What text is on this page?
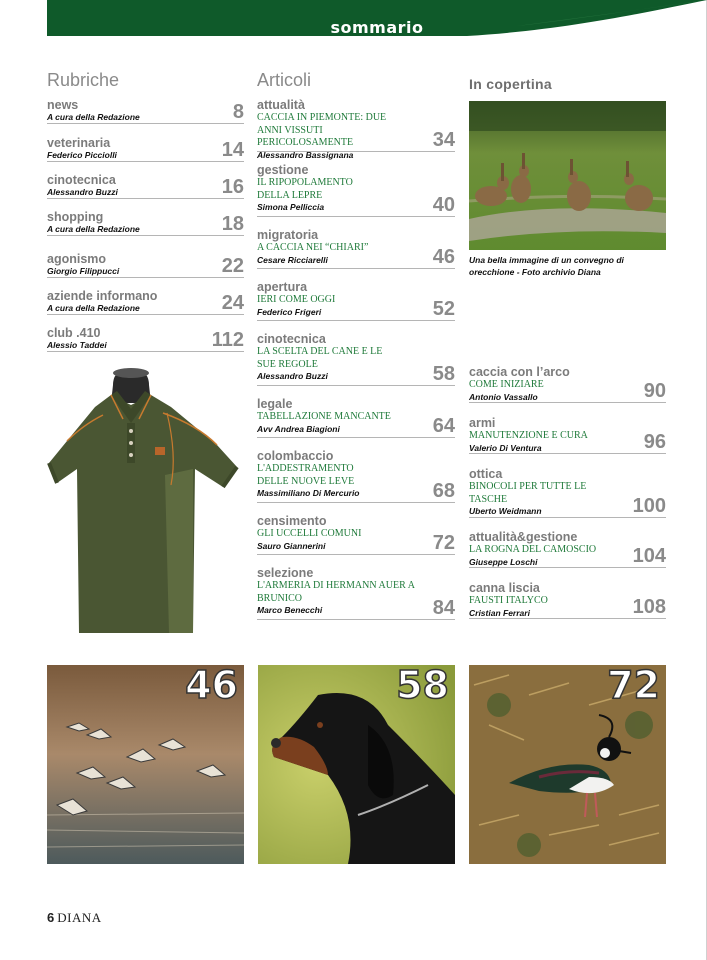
sommario
Rubriche	Articoli	In copertina
news
A cura della Redazione	8
veterinaria
Federico Picciolli	14
cinotecnica
Alessandro Buzzi	16
shopping
A cura della Redazione	18
agonismo
Giorgio Filippucci	22
aziende informano
A cura della Redazione	24
club .410
Alessio Taddei	112
attualità
CACCIA IN PIEMONTE: DUE ANNI VISSUTI PERICOLOSAMENTE
Alessandro Bassignana
34
gestione
IL RIPOPOLAMENTO DELLA LEPRE
Simona Pelliccia	40
migratoria
A CACCIA NEI “CHIARI”
Cesare Ricciarelli	46
apertura
IERI COME OGGI
Federico Frigeri	52
cinotecnica
LA SCELTA DEL CANE E LE SUE REGOLE
Alessandro Buzzi	58
legale
TABELLAZIONE MANCANTE
Avv Andrea Biagioni	64
colombaccio
L'ADDESTRAMENTO DELLE NUOVE LEVE
Massimiliano Di Mercurio	68
censimento
GLI UCCELLI COMUNI
Sauro Giannerini	72
selezione
L'ARMERIA DI HERMANN AUER A BRUNICO
Marco Benecchi	84
Una bella immagine di un convegno di orecchione - Foto archivio Diana
caccia con l’arco
COME INIZIARE
Antonio Vassallo	90
armi
MANUTENZIONE E CURA
Valerio Di Ventura	96
ottica
BINOCOLI PER TUTTE LE TASCHE
Uberto Weidmann	100
attualità&gestione
LA ROGNA DEL CAMOSCIO
Giuseppe Loschi	104
canna liscia
FAUSTI ITALYCO
Cristian Ferrari	108
46	58	72
6 DIANA
